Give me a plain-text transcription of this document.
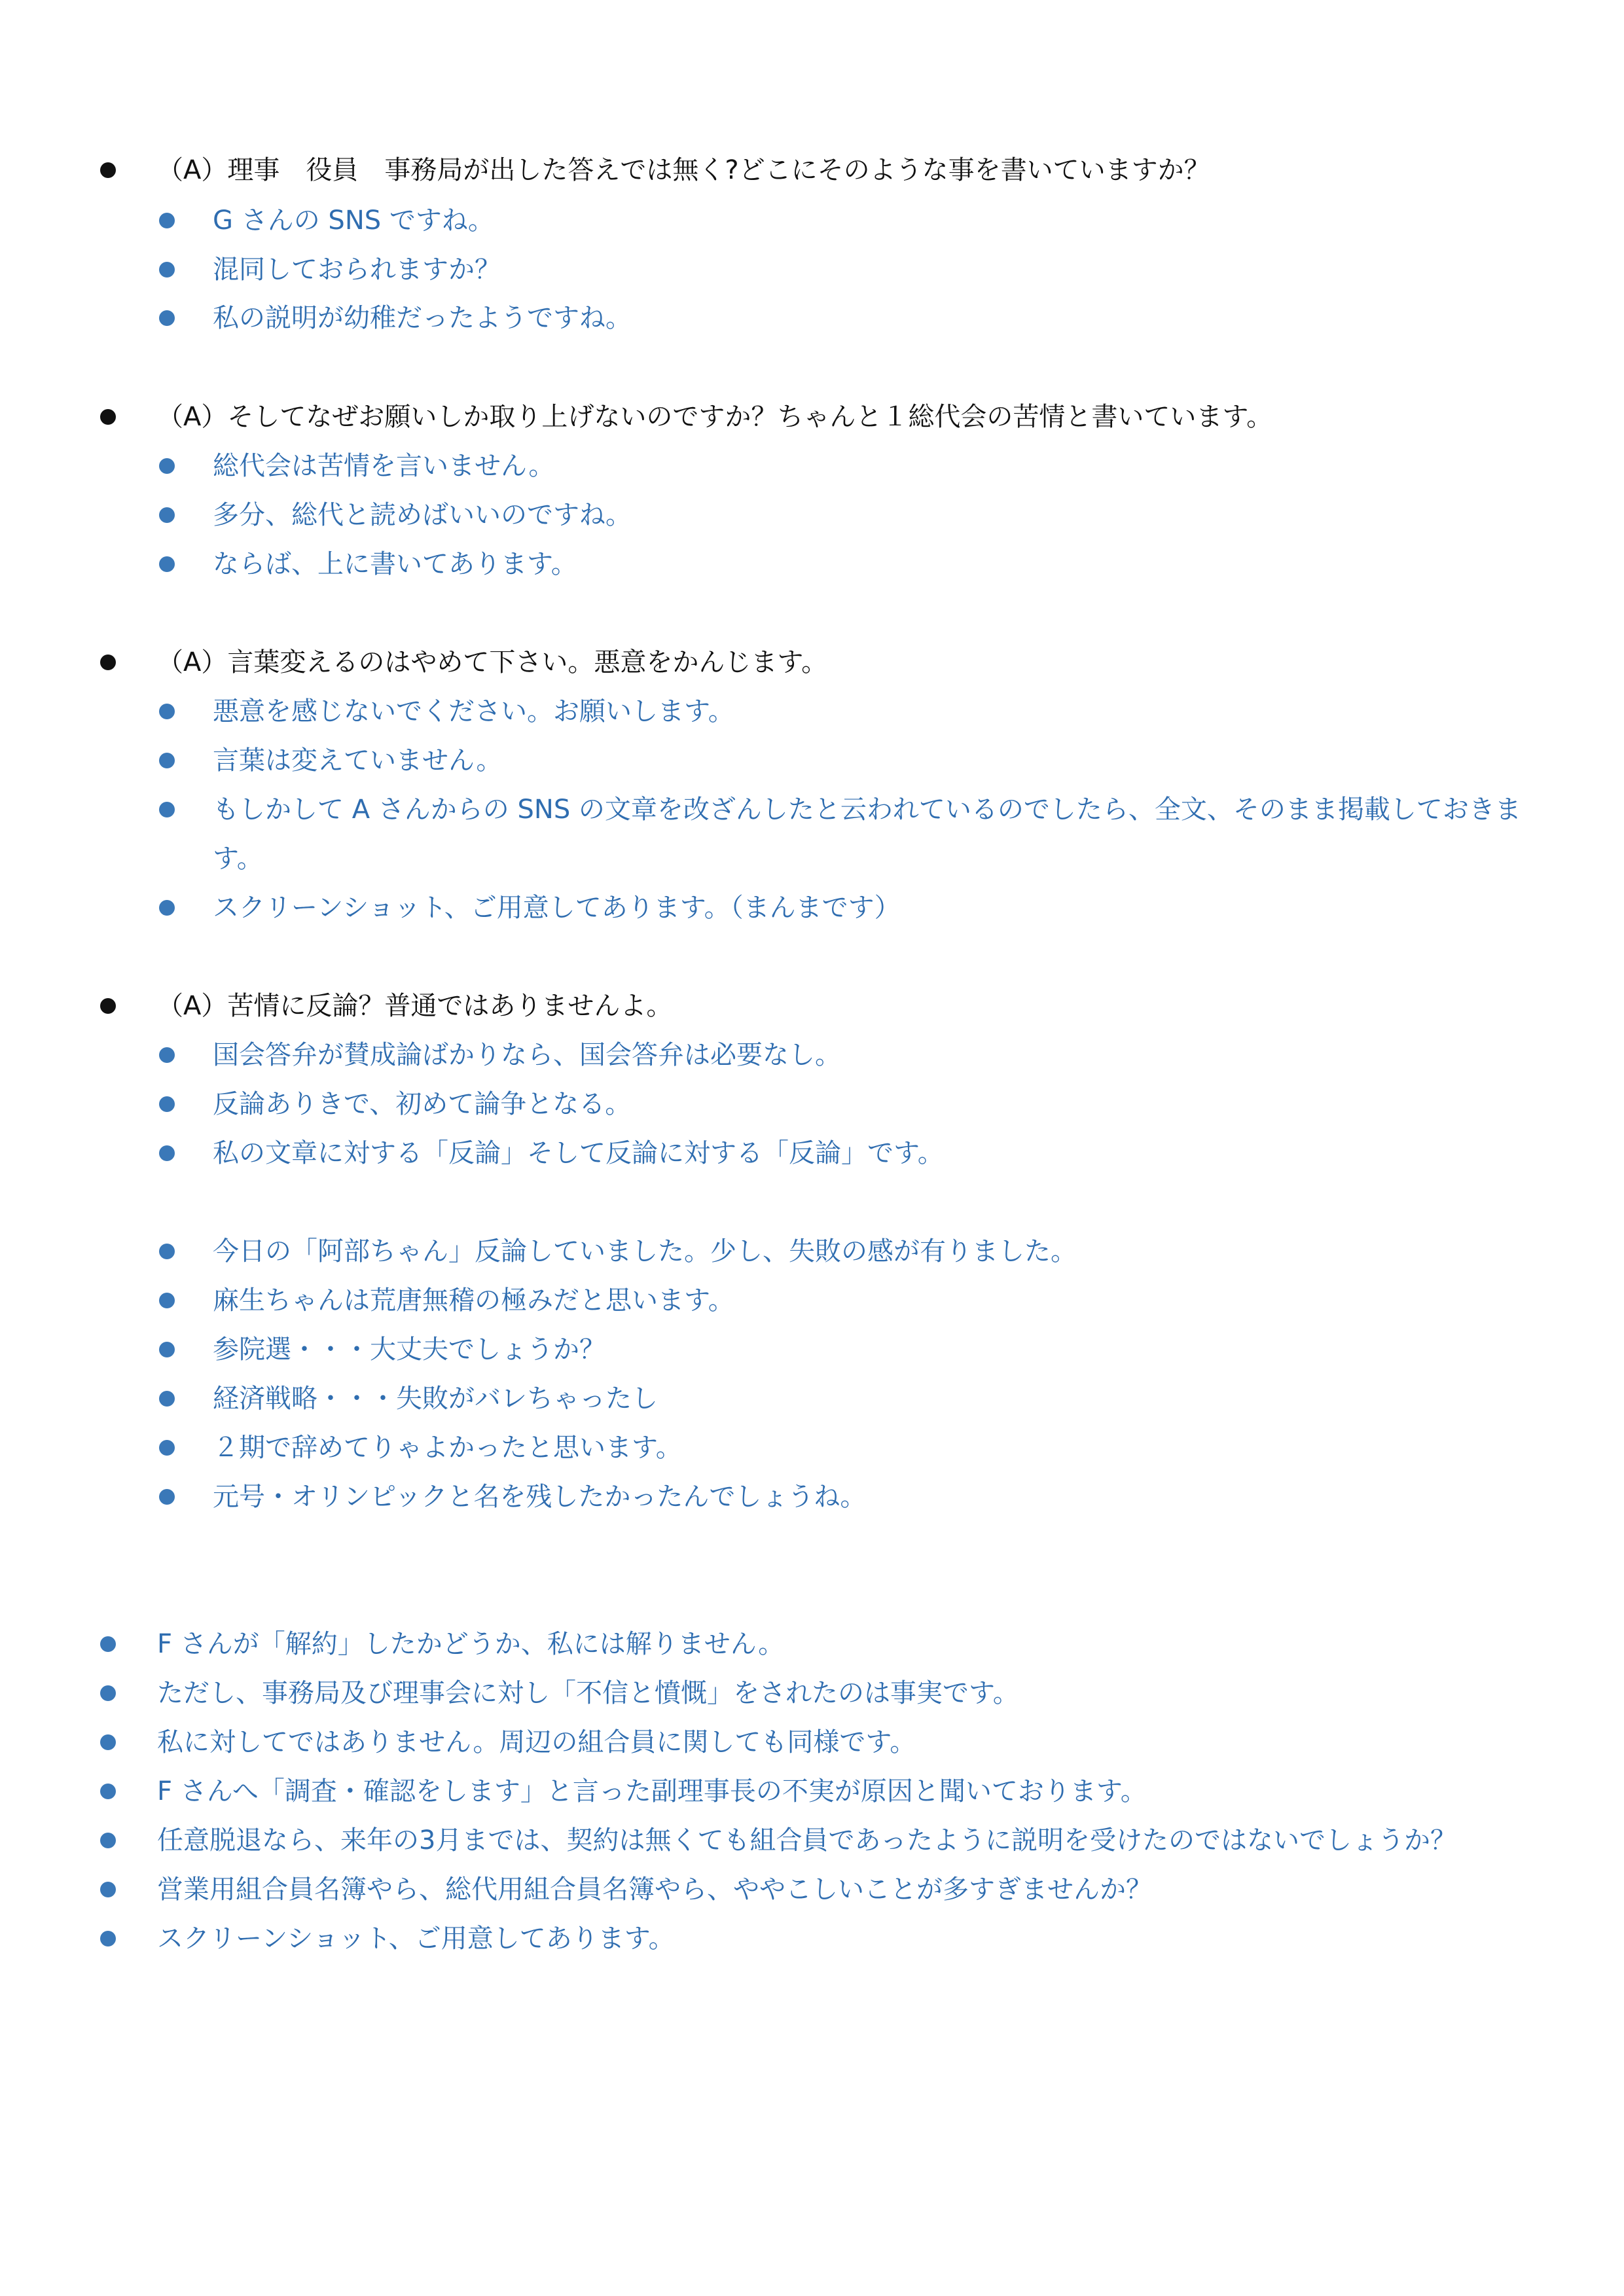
（A）理事　役員　事務局が出した答えでは無く?どこにそのような事を書いていますか？
G さんの SNS ですね。
混同しておられますか？
私の説明が幼稚だったようですね。
（A）そしてなぜお願いしか取り上げないのですか？ちゃんと１総代会の苦情と書いています。
総代会は苦情を言いません。
多分、総代と読めばいいのですね。
ならば、上に書いてあります。
（A）言葉変えるのはやめて下さい。悪意をかんじます。
悪意を感じないでください。お願いします。
言葉は変えていません。
もしかして A さんからの SNS の文章を改ざんしたと云われているのでしたら、全文、そのまま掲載しておきます。
スクリーンショット、ご用意してあります。（まんまです）
（A）苦情に反論？普通ではありませんよ。
国会答弁が賛成論ばかりなら、国会答弁は必要なし。
反論ありきで、初めて論争となる。
私の文章に対する「反論」そして反論に対する「反論」です。
今日の「阿部ちゃん」反論していました。少し、失敗の感が有りました。
麻生ちゃんは荒唐無稽の極みだと思います。
参院選・・・大丈夫でしょうか？
経済戦略・・・失敗がバレちゃったし
２期で辞めてりゃよかったと思います。
元号・オリンピックと名を残したかったんでしょうね。
F さんが「解約」したかどうか、私には解りません。
ただし、事務局及び理事会に対し「不信と憤慨」をされたのは事実です。
私に対してではありません。周辺の組合員に関しても同様です。
F さんへ「調査・確認をします」と言った副理事長の不実が原因と聞いております。
任意脱退なら、来年の3月までは、契約は無くても組合員であったように説明を受けたのではないでしょうか？
営業用組合員名簿やら、総代用組合員名簿やら、ややこしいことが多すぎませんか？
スクリーンショット、ご用意してあります。
